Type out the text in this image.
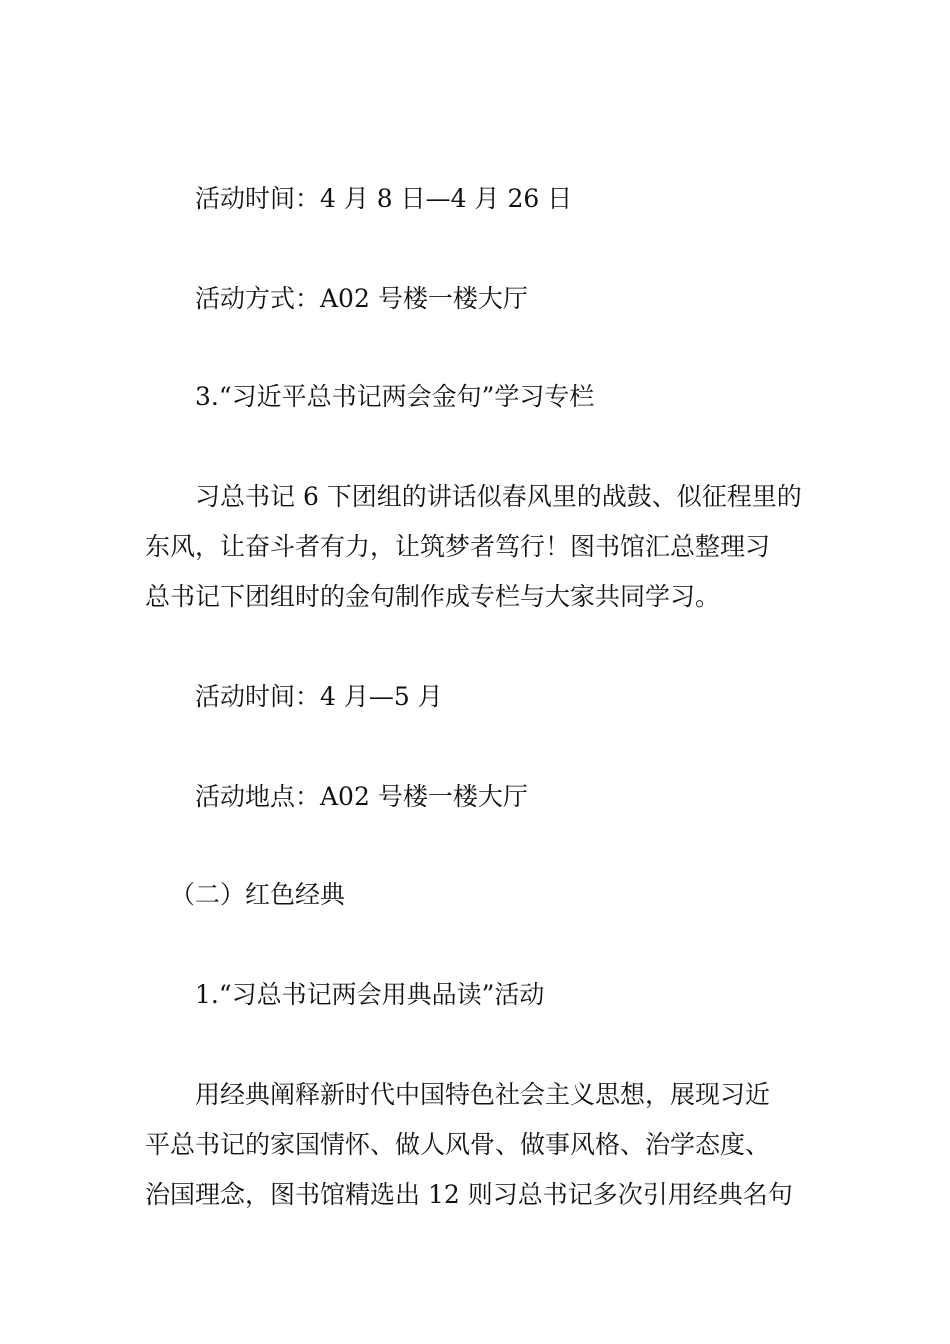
活动时间：4 月 8 日—4 月 26 日

活动方式：A02 号楼一楼大厅

3.“习近平总书记两会金句”学习专栏

习总书记 6 下团组的讲话似春风里的战鼓、似征程里的

东风，让奋斗者有力，让筑梦者笃行！图书馆汇总整理习

总书记下团组时的金句制作成专栏与大家共同学习。

活动时间：4 月—5 月

活动地点：A02 号楼一楼大厅

（二）红色经典

1.“习总书记两会用典品读”活动

用经典阐释新时代中国特色社会主义思想，展现习近

平总书记的家国情怀、做人风骨、做事风格、治学态度、

治国理念，图书馆精选出 12 则习总书记多次引用经典名句
